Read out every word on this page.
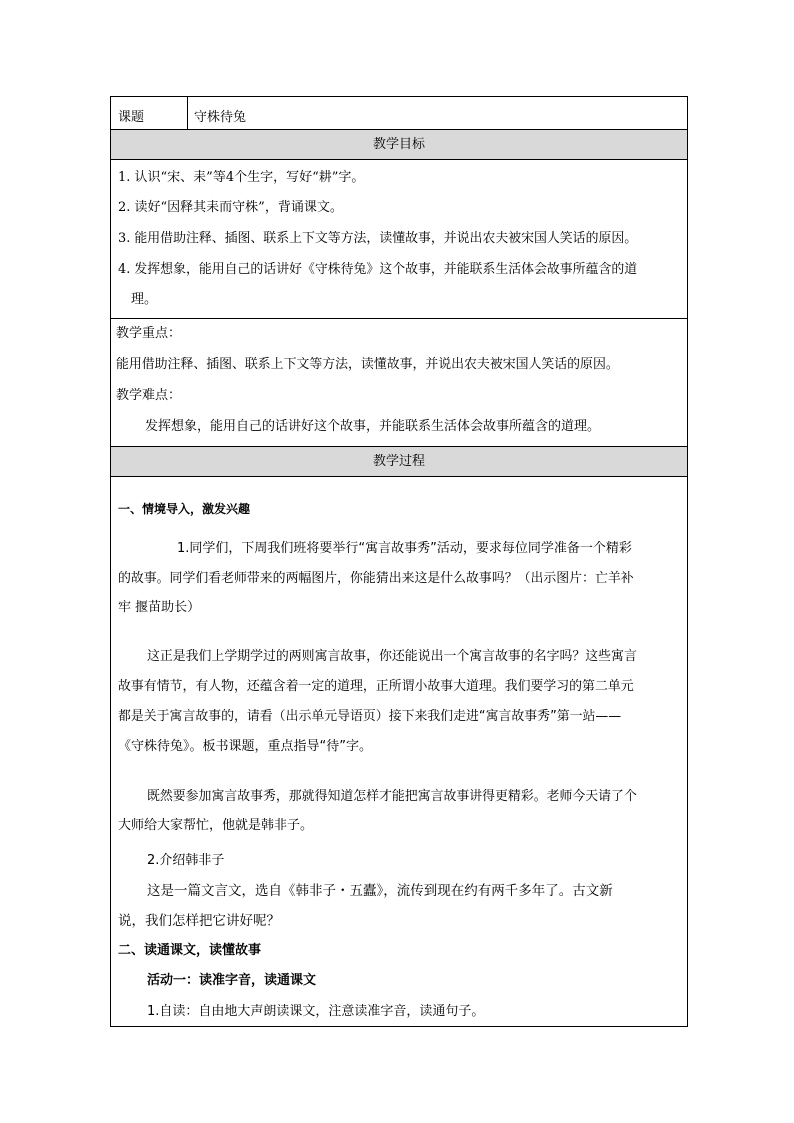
课题	守株待兔
教学目标
1. 认识“宋、耒”等4个生字，写好“耕”字。
2. 读好“因释其耒而守株”，背诵课文。
3. 能用借助注释、插图、联系上下文等方法，读懂故事，并说出农夫被宋国人笑话的原因。
4. 发挥想象，能用自己的话讲好《守株待兔》这个故事，并能联系生活体会故事所蕴含的道
理。
教学重点：
能用借助注释、插图、联系上下文等方法，读懂故事，并说出农夫被宋国人笑话的原因。
教学难点：
发挥想象，能用自己的话讲好这个故事，并能联系生活体会故事所蕴含的道理。
教学过程
一、情境导入，激发兴趣
1.同学们，下周我们班将要举行“寓言故事秀”活动，要求每位同学准备一个精彩
的故事。同学们看老师带来的两幅图片，你能猜出来这是什么故事吗？（出示图片：亡羊补
牢 揠苗助长）
这正是我们上学期学过的两则寓言故事，你还能说出一个寓言故事的名字吗？这些寓言
故事有情节，有人物，还蕴含着一定的道理，正所谓小故事大道理。我们要学习的第二单元
都是关于寓言故事的，请看（出示单元导语页）接下来我们走进“寓言故事秀”第一站——
《守株待兔》。板书课题，重点指导“待”字。
既然要参加寓言故事秀，那就得知道怎样才能把寓言故事讲得更精彩。老师今天请了个
大师给大家帮忙，他就是韩非子。
2.介绍韩非子
这是一篇文言文，选自《韩非子・五蠹》，流传到现在约有两千多年了。古文新
说，我们怎样把它讲好呢？
二、读通课文，读懂故事
活动一：读准字音，读通课文
1.自读：自由地大声朗读课文，注意读准字音，读通句子。
